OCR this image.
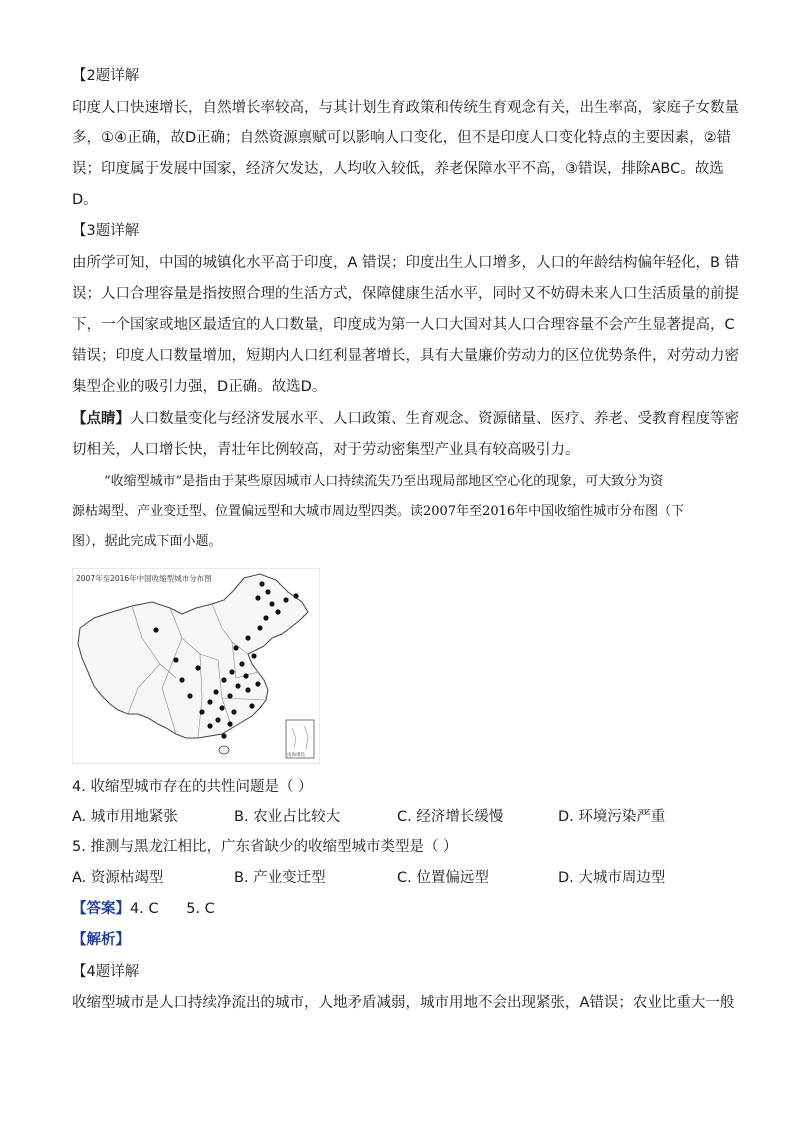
【2题详解
印度人口快速增长，自然增长率较高，与其计划生育政策和传统生育观念有关，出生率高，家庭子女数量
多，①④正确，故D正确；自然资源禀赋可以影响人口变化，但不是印度人口变化特点的主要因素，②错
误；印度属于发展中国家，经济欠发达，人均收入较低，养老保障水平不高，③错误，排除ABC。故选
D。
【3题详解
由所学可知，中国的城镇化水平高于印度，A 错误；印度出生人口增多，人口的年龄结构偏年轻化，B 错
误；人口合理容量是指按照合理的生活方式，保障健康生活水平，同时又不妨碍未来人口生活质量的前提
下，一个国家或地区最适宜的人口数量，印度成为第一人口大国对其人口合理容量不会产生显著提高，C
错误；印度人口数量增加，短期内人口红利显著增长，具有大量廉价劳动力的区位优势条件，对劳动力密
集型企业的吸引力强，D正确。故选D。
【点睛】人口数量变化与经济发展水平、人口政策、生育观念、资源储量、医疗、养老、受教育程度等密
切相关，人口增长快，青壮年比例较高，对于劳动密集型产业具有较高吸引力。
“收缩型城市”是指由于某些原因城市人口持续流失乃至出现局部地区空心化的现象，可大致分为资
源枯竭型、产业变迁型、位置偏远型和大城市周边型四类。读2007年至2016年中国收缩性城市分布图（下
图），据此完成下面小题。
2007年至2016年中国收缩型城市分布图
南海诸岛
4. 收缩型城市存在的共性问题是（ ）
A. 城市用地紧张	B. 农业占比较大	C. 经济增长缓慢	D. 环境污染严重
5. 推测与黑龙江相比，广东省缺少的收缩型城市类型是（ ）
A. 资源枯竭型	B. 产业变迁型	C. 位置偏远型	D. 大城市周边型
【答案】4. C      5. C
【解析】
【4题详解
收缩型城市是人口持续净流出的城市，人地矛盾减弱，城市用地不会出现紧张，A错误；农业比重大一般
